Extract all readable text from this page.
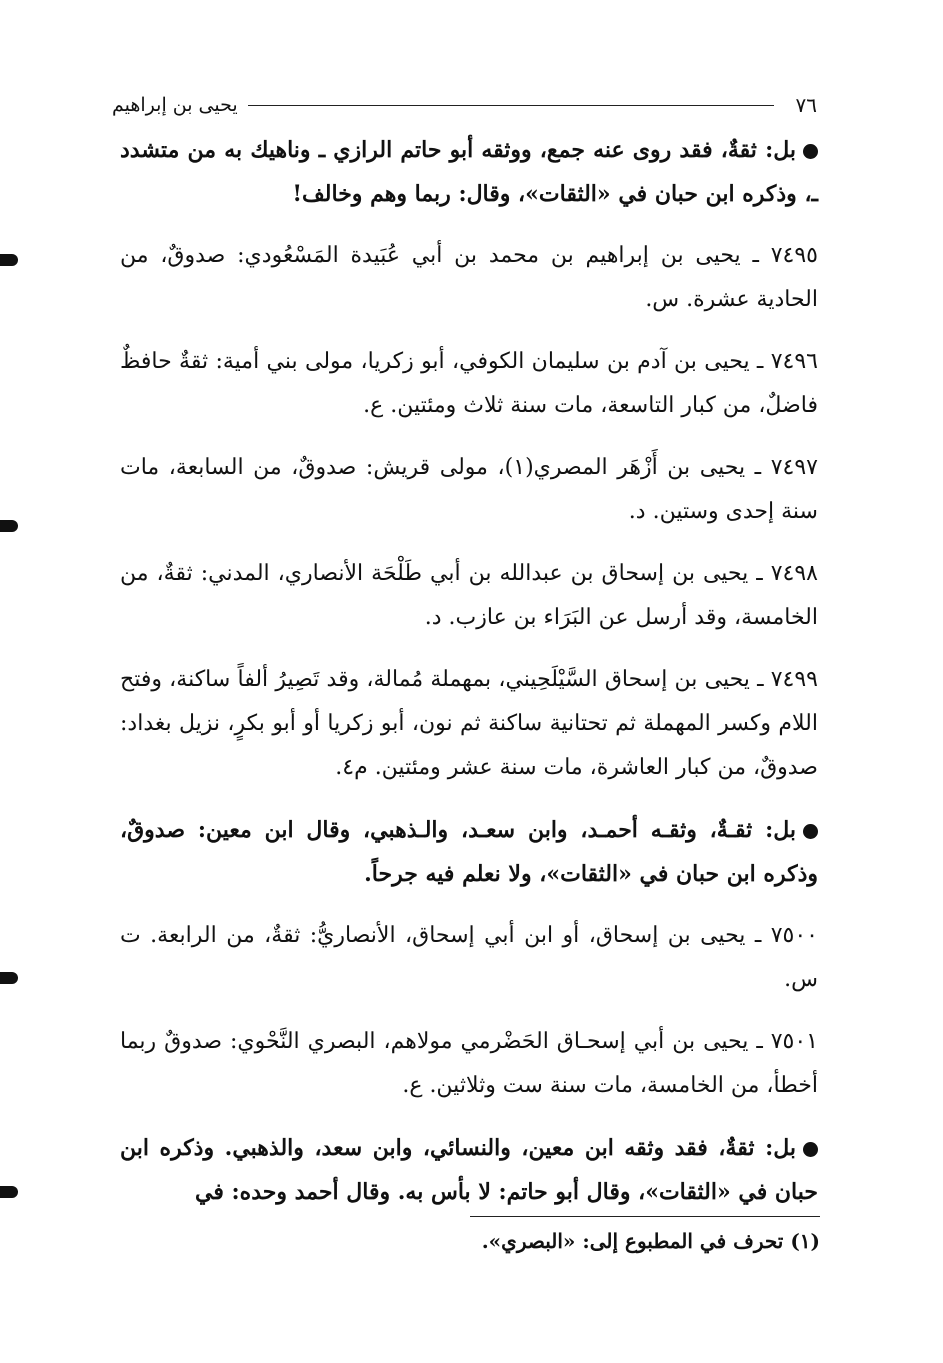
٧٦
يحيى بن إبراهيم

بل: ثقةٌ، فقد روى عنه جمع، ووثقه أبو حاتم الرازي ـ وناهيك به من متشدد ـ، وذكره ابن حبان في «الثقات»، وقال: ربما وهم وخالف!

٧٤٩٥ ـ يحيى بن إبراهيم بن محمد بن أبي عُبَيدة المَسْعُودي: صدوقٌ، من الحادية عشرة. س.

٧٤٩٦ ـ يحيى بن آدم بن سليمان الكوفي، أبو زكريا، مولى بني أمية: ثقةٌ حافظٌ فاضلٌ، من كبار التاسعة، مات سنة ثلاث ومئتين. ع.

٧٤٩٧ ـ يحيى بن أَزْهَر المصري(١)، مولى قريش: صدوقٌ، من السابعة، مات سنة إحدى وستين. د.

٧٤٩٨ ـ يحيى بن إسحاق بن عبدالله بن أبي طَلْحَة الأنصاري، المدني: ثقةٌ، من الخامسة، وقد أرسل عن البَرَاء بن عازب. د.

٧٤٩٩ ـ يحيى بن إسحاق السَّيْلَحِيني، بمهملة مُمالة، وقد تَصِيرُ ألفاً ساكنة، وفتح اللام وكسر المهملة ثم تحتانية ساكنة ثم نون، أبو زكريا أو أبو بكرٍ، نزيل بغداد: صدوقٌ، من كبار العاشرة، مات سنة عشر ومئتين. م٤.

بل: ثقـةٌ، وثقـه أحمـد، وابن سعـد، والـذهبي، وقال ابن معين: صدوقٌ، وذكره ابن حبان في «الثقات»، ولا نعلم فيه جرحاً.

٧٥٠٠ ـ يحيى بن إسحاق، أو ابن أبي إسحاق، الأنصاريُّ: ثقةٌ، من الرابعة. ت س.

٧٥٠١ ـ يحيى بن أبي إسحـاق الحَضْرمي مولاهم، البصري النَّحْوي: صدوقٌ ربما أخطأ، من الخامسة، مات سنة ست وثلاثين. ع.

بل: ثقةٌ، فقد وثقه ابن معين، والنسائي، وابن سعد، والذهبي. وذكره ابن حبان في «الثقات»، وقال أبو حاتم: لا بأس به. وقال أحمد وحده: في

(١) تحرف في المطبوع إلى: «البصري».
